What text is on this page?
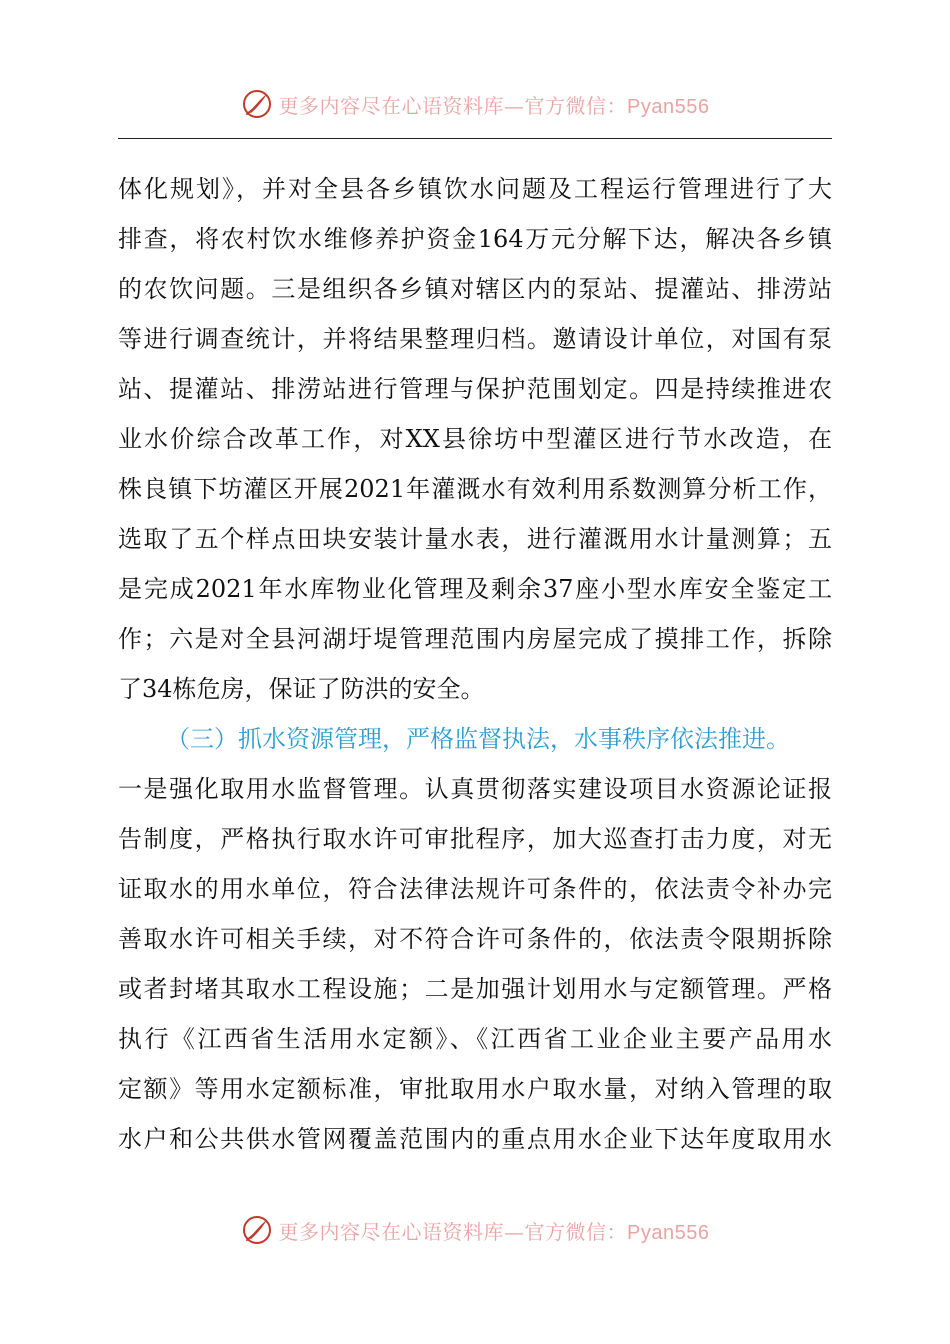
更多内容尽在心语资料库—官方微信：Pyan556
体化规划》，并对全县各乡镇饮水问题及工程运行管理进行了大
排查，将农村饮水维修养护资金164万元分解下达，解决各乡镇
的农饮问题。三是组织各乡镇对辖区内的泵站、提灌站、排涝站
等进行调查统计，并将结果整理归档。邀请设计单位，对国有泵
站、提灌站、排涝站进行管理与保护范围划定。四是持续推进农
业水价综合改革工作，对XX县徐坊中型灌区进行节水改造，在
株良镇下坊灌区开展2021年灌溉水有效利用系数测算分析工作，
选取了五个样点田块安装计量水表，进行灌溉用水计量测算；五
是完成2021年水库物业化管理及剩余37座小型水库安全鉴定工
作；六是对全县河湖圩堤管理范围内房屋完成了摸排工作，拆除
了34栋危房，保证了防洪的安全。
（三）抓水资源管理，严格监督执法，水事秩序依法推进。
一是强化取用水监督管理。认真贯彻落实建设项目水资源论证报
告制度，严格执行取水许可审批程序，加大巡查打击力度，对无
证取水的用水单位，符合法律法规许可条件的，依法责令补办完
善取水许可相关手续，对不符合许可条件的，依法责令限期拆除
或者封堵其取水工程设施；二是加强计划用水与定额管理。严格
执行《江西省生活用水定额》、《江西省工业企业主要产品用水
定额》等用水定额标准，审批取用水户取水量，对纳入管理的取
水户和公共供水管网覆盖范围内的重点用水企业下达年度取用水
更多内容尽在心语资料库—官方微信：Pyan556
